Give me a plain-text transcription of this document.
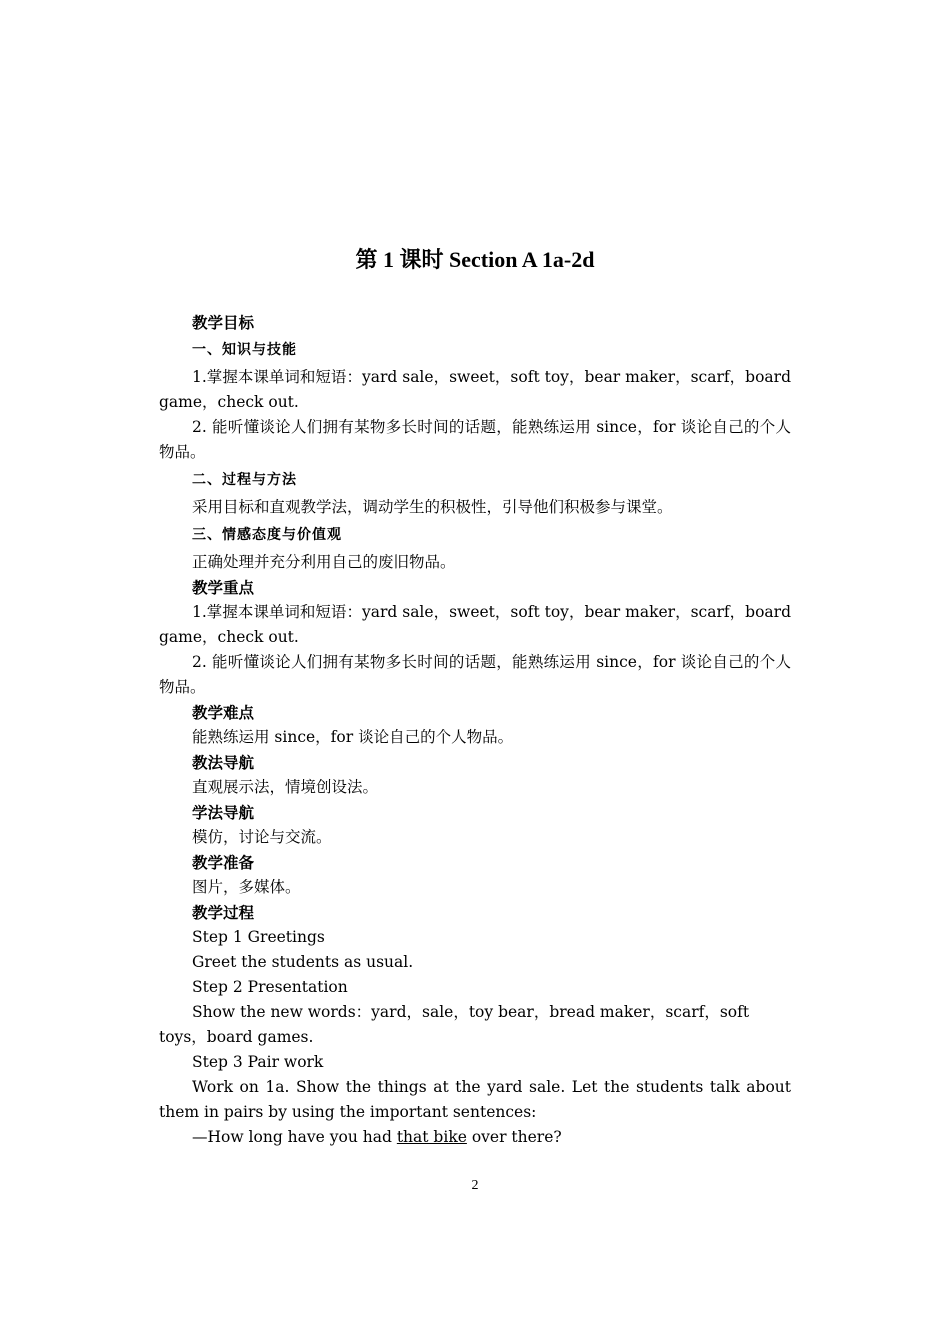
第 1 课时 Section A 1a-2d

教学目标

一、知识与技能

1.掌握本课单词和短语：yard sale，sweet，soft toy，bear maker，scarf，board game，check out.

2. 能听懂谈论人们拥有某物多长时间的话题，能熟练运用 since，for 谈论自己的个人物品。

二、过程与方法

采用目标和直观教学法，调动学生的积极性，引导他们积极参与课堂。

三、情感态度与价值观

正确处理并充分利用自己的废旧物品。

教学重点

1.掌握本课单词和短语：yard sale，sweet，soft toy，bear maker，scarf，board game，check out.

2. 能听懂谈论人们拥有某物多长时间的话题，能熟练运用 since，for 谈论自己的个人物品。

教学难点

能熟练运用 since，for 谈论自己的个人物品。

教法导航

直观展示法，情境创设法。

学法导航

模仿，讨论与交流。

教学准备

图片，多媒体。

教学过程

Step 1 Greetings

Greet the students as usual.

Step 2 Presentation

Show the new words：yard，sale，toy bear，bread maker，scarf，soft toys，board games.

Step 3 Pair work

Work on 1a. Show the things at the yard sale. Let the students talk about them in pairs by using the important sentences:

—How long have you had that bike over there?

2
